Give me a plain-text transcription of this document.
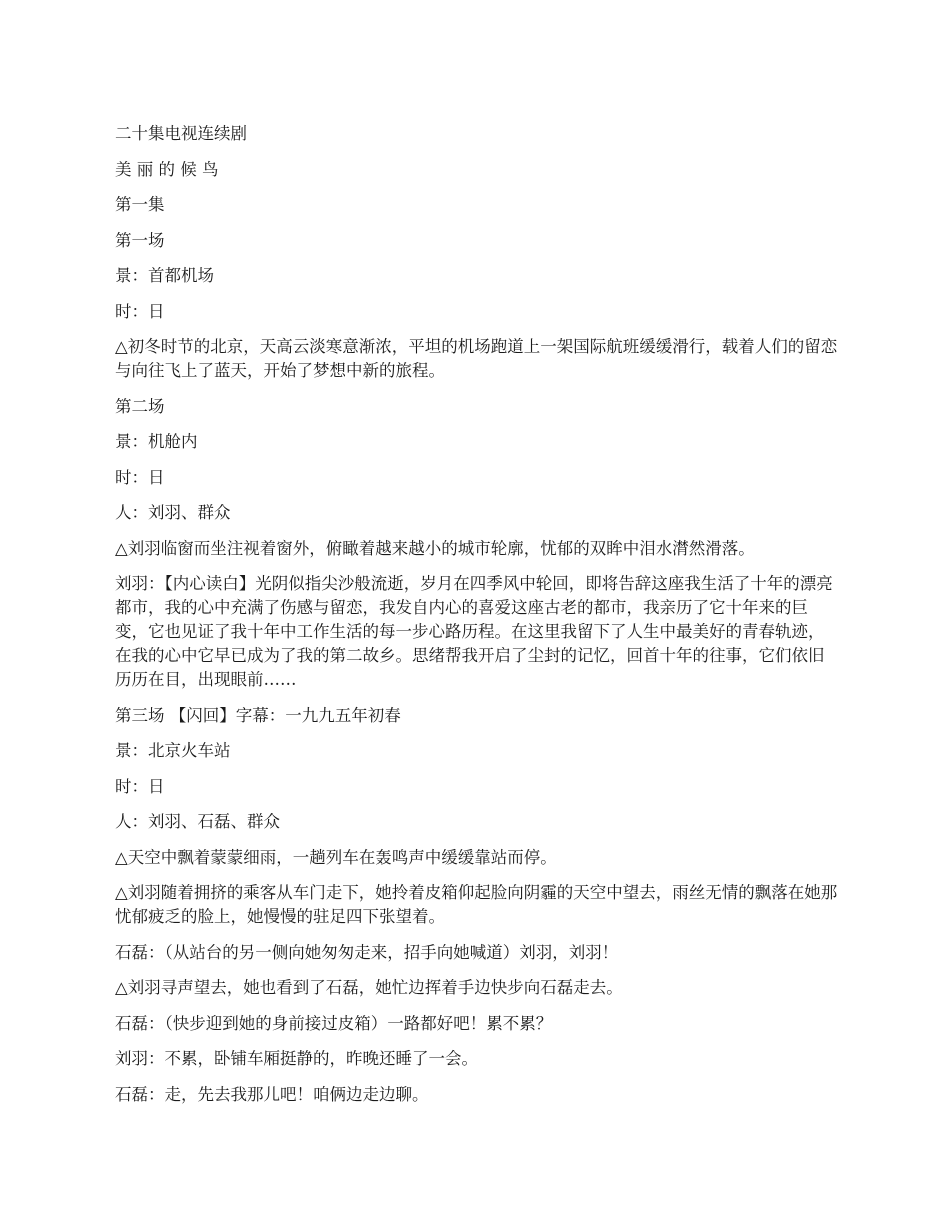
二十集电视连续剧

美 丽 的 候 鸟

第一集

第一场

景：首都机场

时：日

△初冬时节的北京，天高云淡寒意渐浓，平坦的机场跑道上一架国际航班缓缓滑行，载着人们的留恋与向往飞上了蓝天，开始了梦想中新的旅程。

第二场

景：机舱内

时：日

人：刘羽、群众

△刘羽临窗而坐注视着窗外，俯瞰着越来越小的城市轮廓，忧郁的双眸中泪水潸然滑落。

刘羽：【内心读白】光阴似指尖沙般流逝，岁月在四季风中轮回，即将告辞这座我生活了十年的漂亮都市，我的心中充满了伤感与留恋，我发自内心的喜爱这座古老的都市，我亲历了它十年来的巨变，它也见证了我十年中工作生活的每一步心路历程。在这里我留下了人生中最美好的青春轨迹，在我的心中它早已成为了我的第二故乡。思绪帮我开启了尘封的记忆，回首十年的往事，它们依旧历历在目，出现眼前……

第三场 【闪回】字幕：一九九五年初春

景：北京火车站

时：日

人：刘羽、石磊、群众

△天空中飘着蒙蒙细雨，一趟列车在轰鸣声中缓缓靠站而停。

△刘羽随着拥挤的乘客从车门走下，她拎着皮箱仰起脸向阴霾的天空中望去，雨丝无情的飘落在她那忧郁疲乏的脸上，她慢慢的驻足四下张望着。

石磊：（从站台的另一侧向她匆匆走来，招手向她喊道）刘羽，刘羽！

△刘羽寻声望去，她也看到了石磊，她忙边挥着手边快步向石磊走去。

石磊：（快步迎到她的身前接过皮箱）一路都好吧！累不累？

刘羽：不累，卧铺车厢挺静的，昨晚还睡了一会。

石磊：走，先去我那儿吧！咱俩边走边聊。
